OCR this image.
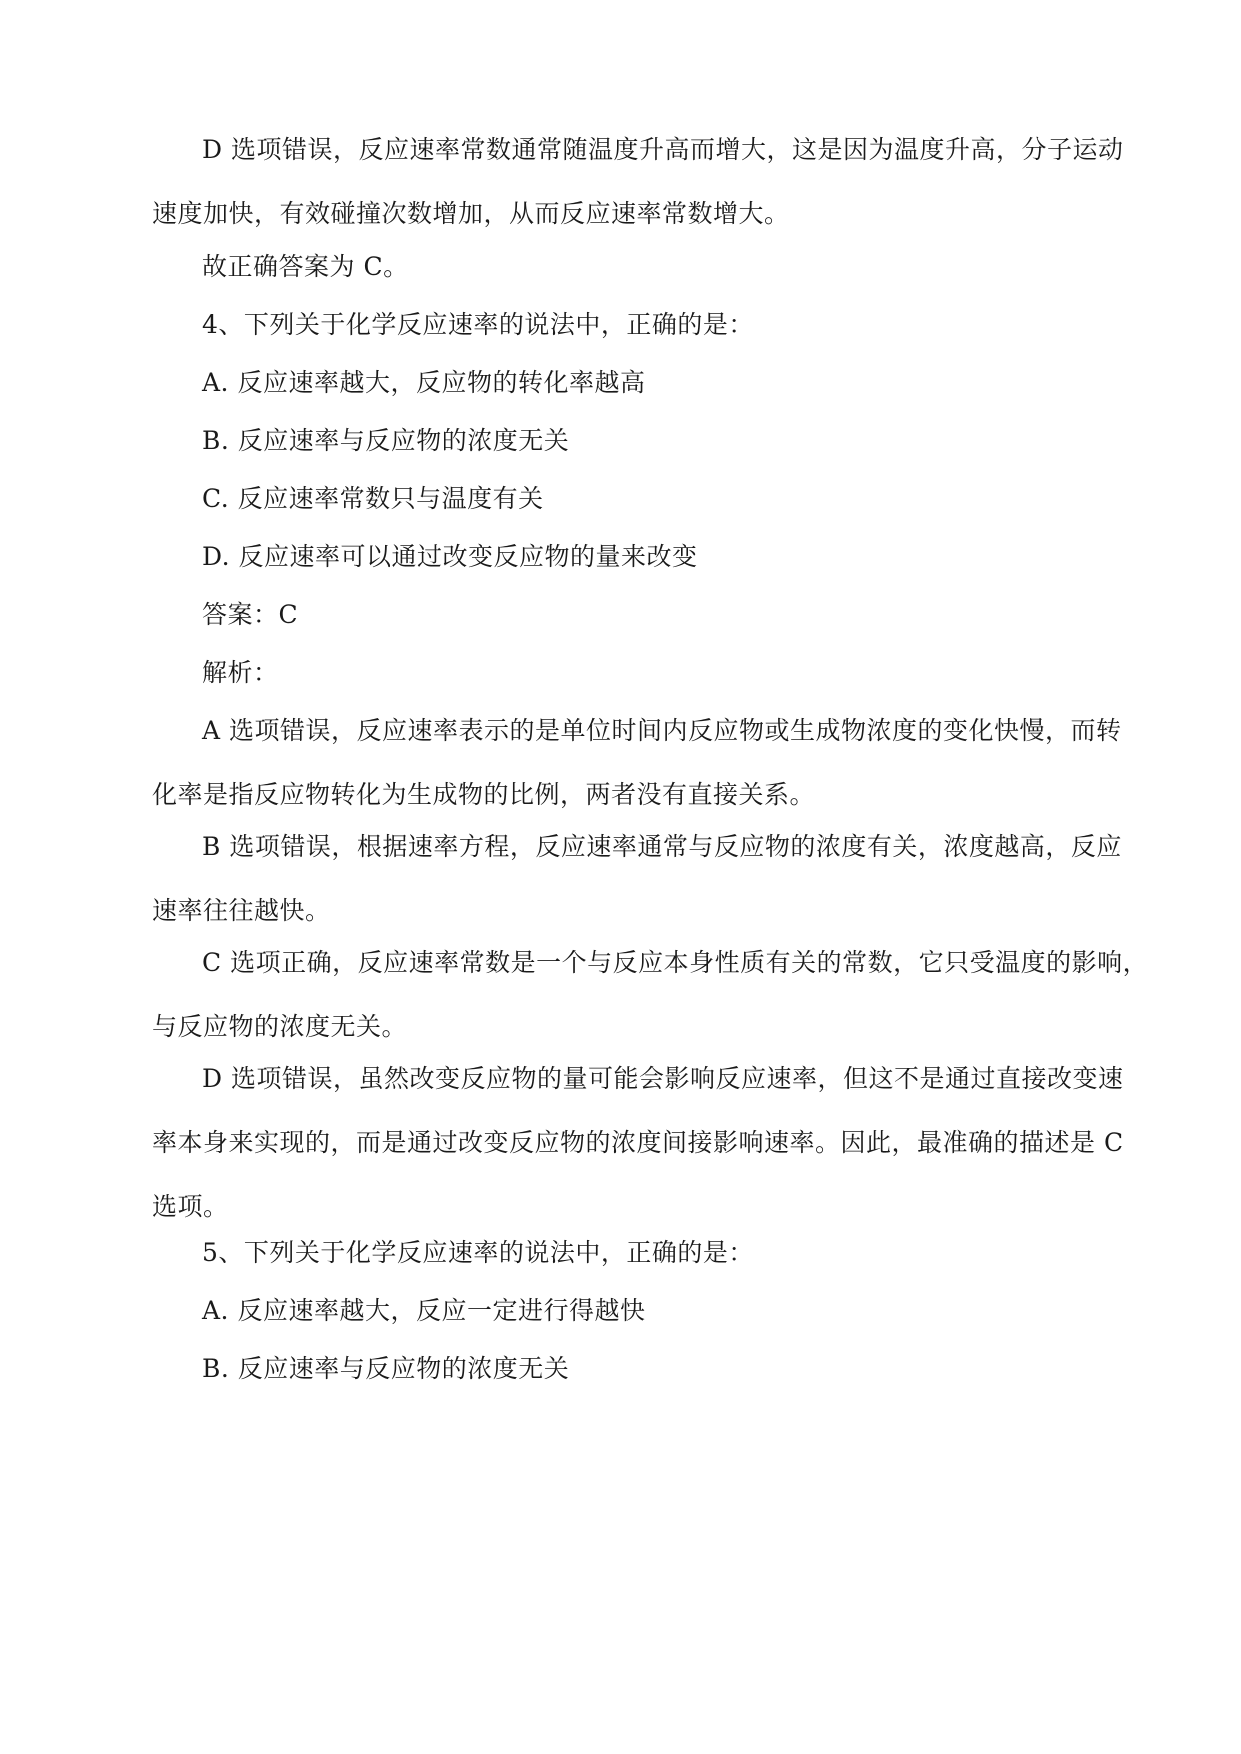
D 选项错误，反应速率常数通常随温度升高而增大，这是因为温度升高，分子运动
速度加快，有效碰撞次数增加，从而反应速率常数增大。

故正确答案为 C。

4、下列关于化学反应速率的说法中，正确的是：

A. 反应速率越大，反应物的转化率越高

B. 反应速率与反应物的浓度无关

C. 反应速率常数只与温度有关

D. 反应速率可以通过改变反应物的量来改变

答案：C

解析：

A 选项错误，反应速率表示的是单位时间内反应物或生成物浓度的变化快慢，而转
化率是指反应物转化为生成物的比例，两者没有直接关系。

B 选项错误，根据速率方程，反应速率通常与反应物的浓度有关，浓度越高，反应
速率往往越快。

C 选项正确，反应速率常数是一个与反应本身性质有关的常数，它只受温度的影响，
与反应物的浓度无关。

D 选项错误，虽然改变反应物的量可能会影响反应速率，但这不是通过直接改变速
率本身来实现的，而是通过改变反应物的浓度间接影响速率。因此，最准确的描述是 C
选项。

5、下列关于化学反应速率的说法中，正确的是：

A. 反应速率越大，反应一定进行得越快

B. 反应速率与反应物的浓度无关
